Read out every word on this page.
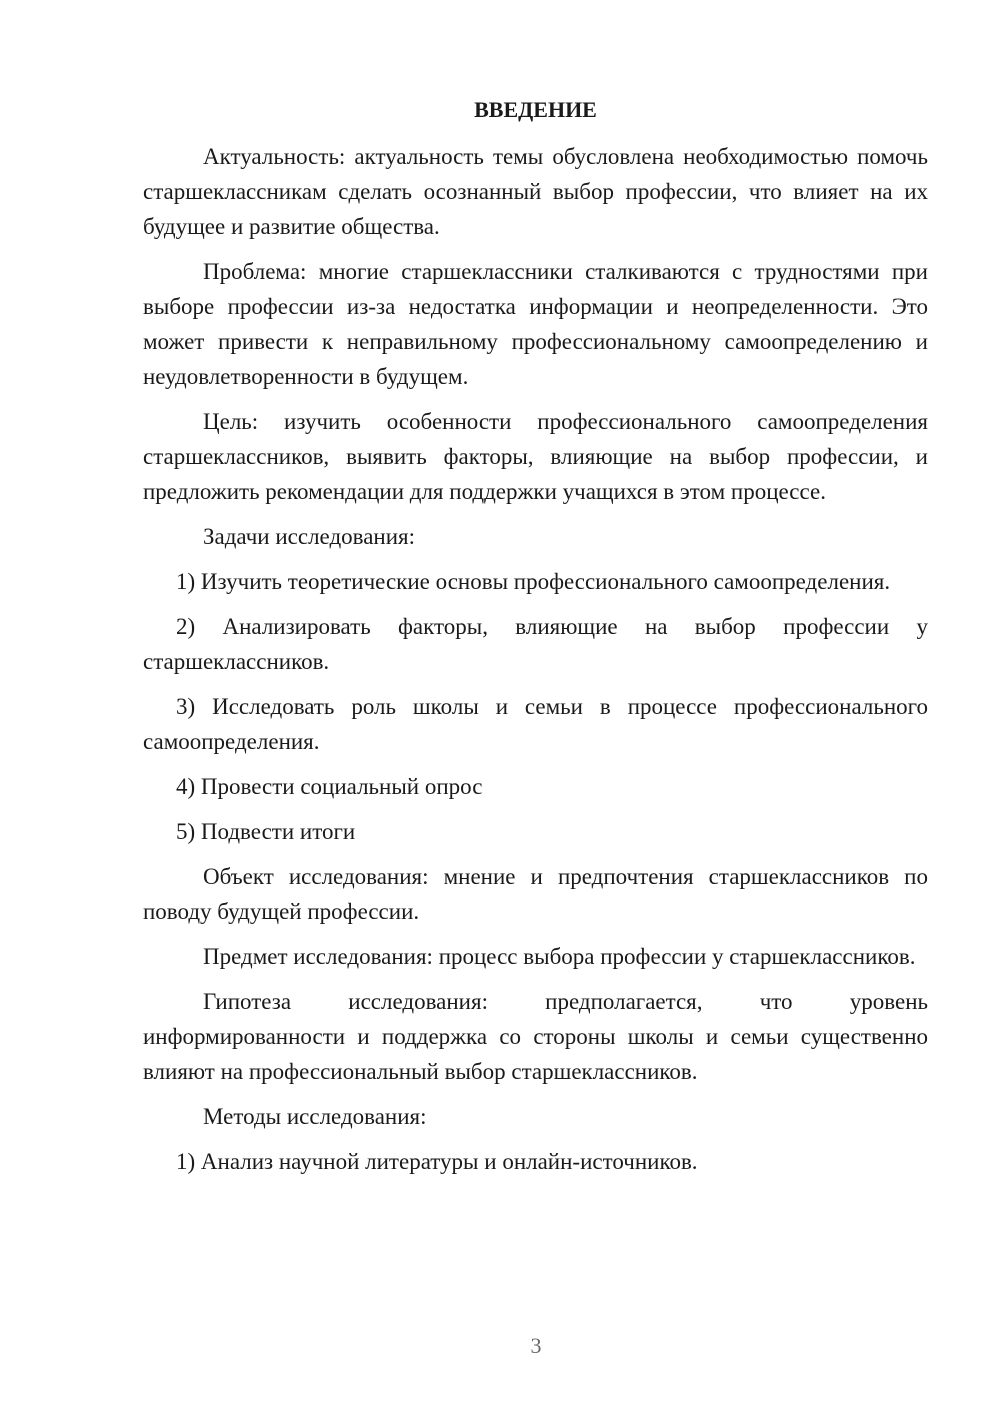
ВВЕДЕНИЕ

Актуальность: актуальность темы обусловлена необходимостью помочь старшеклассникам сделать осознанный выбор профессии, что влияет на их будущее и развитие общества.

Проблема: многие старшеклассники сталкиваются с трудностями при выборе профессии из-за недостатка информации и неопределенности. Это может привести к неправильному профессиональному самоопределению и неудовлетворенности в будущем.

Цель: изучить особенности профессионального самоопределения старшеклассников, выявить факторы, влияющие на выбор профессии, и предложить рекомендации для поддержки учащихся в этом процессе.

Задачи исследования:

1) Изучить теоретические основы профессионального самоопределения.

2) Анализировать факторы, влияющие на выбор профессии у старшеклассников.

3) Исследовать роль школы и семьи в процессе профессионального самоопределения.

4) Провести социальный опрос

5) Подвести итоги

Объект исследования: мнение и предпочтения старшеклассников по поводу будущей профессии.

Предмет исследования: процесс выбора профессии у старшеклассников.

Гипотеза исследования: предполагается, что уровень информированности и поддержка со стороны школы и семьи существенно влияют на профессиональный выбор старшеклассников.

Методы исследования:

1) Анализ научной литературы и онлайн-источников.

3
